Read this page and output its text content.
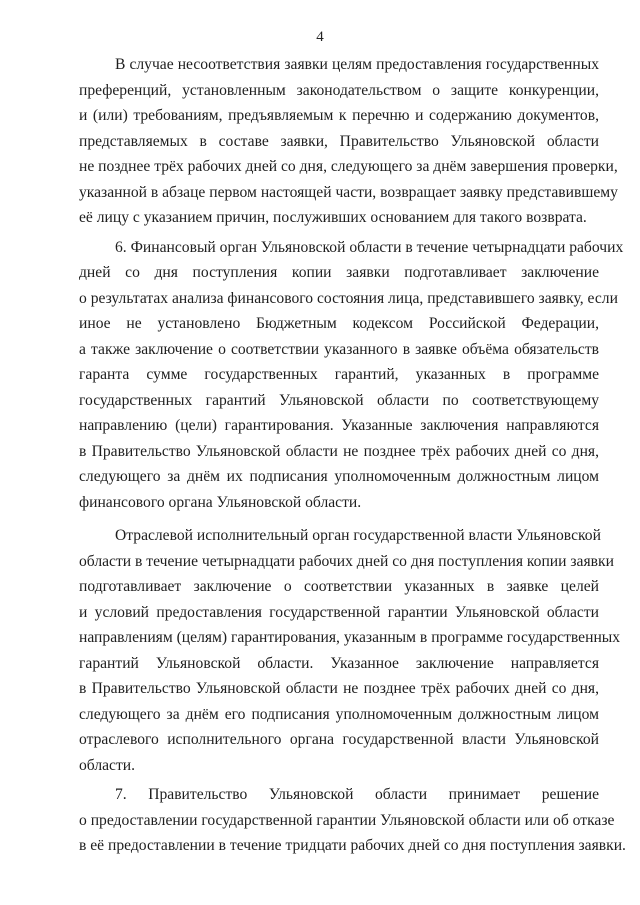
4
В случае несоответствия заявки целям предоставления государственных
преференций, установленным законодательством о защите конкуренции,
и (или) требованиям, предъявляемым к перечню и содержанию документов,
представляемых в составе заявки, Правительство Ульяновской области
не позднее трёх рабочих дней со дня, следующего за днём завершения проверки,
указанной в абзаце первом настоящей части, возвращает заявку представившему
её лицу с указанием причин, послуживших основанием для такого возврата.
6. Финансовый орган Ульяновской области в течение четырнадцати рабочих
дней со дня поступления копии заявки подготавливает заключение
о результатах анализа финансового состояния лица, представившего заявку, если
иное не установлено Бюджетным кодексом Российской Федерации,
а также заключение о соответствии указанного в заявке объёма обязательств
гаранта сумме государственных гарантий, указанных в программе
государственных гарантий Ульяновской области по соответствующему
направлению (цели) гарантирования. Указанные заключения направляются
в Правительство Ульяновской области не позднее трёх рабочих дней со дня,
следующего за днём их подписания уполномоченным должностным лицом
финансового органа Ульяновской области.
Отраслевой исполнительный орган государственной власти Ульяновской
области в течение четырнадцати рабочих дней со дня поступления копии заявки
подготавливает заключение о соответствии указанных в заявке целей
и условий предоставления государственной гарантии Ульяновской области
направлениям (целям) гарантирования, указанным в программе государственных
гарантий Ульяновской области. Указанное заключение направляется
в Правительство Ульяновской области не позднее трёх рабочих дней со дня,
следующего за днём его подписания уполномоченным должностным лицом
отраслевого исполнительного органа государственной власти Ульяновской
области.
7. Правительство Ульяновской области принимает решение
о предоставлении государственной гарантии Ульяновской области или об отказе
в её предоставлении в течение тридцати рабочих дней со дня поступления заявки.
